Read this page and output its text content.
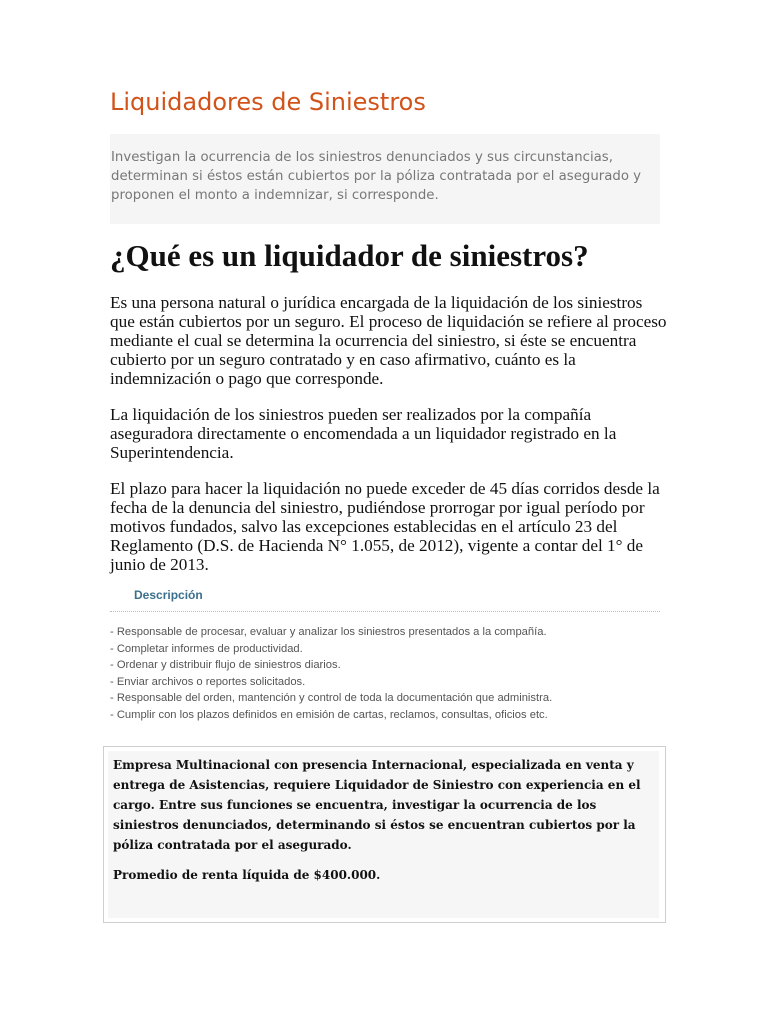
Liquidadores de Siniestros
Investigan la ocurrencia de los siniestros denunciados y sus circunstancias, determinan si éstos están cubiertos por la póliza contratada por el asegurado y proponen el monto a indemnizar, si corresponde.
¿Qué es un liquidador de siniestros?

Es una persona natural o jurídica encargada de la liquidación de los siniestros que están cubiertos por un seguro. El proceso de liquidación se refiere al proceso mediante el cual se determina la ocurrencia del siniestro, si éste se encuentra cubierto por un seguro contratado y en caso afirmativo, cuánto es la indemnización o pago que corresponde.

La liquidación de los siniestros pueden ser realizados por la compañía aseguradora directamente o encomendada a un liquidador registrado en la Superintendencia.

El plazo para hacer la liquidación no puede exceder de 45 días corridos desde la fecha de la denuncia del siniestro, pudiéndose prorrogar por igual período por motivos fundados, salvo las excepciones establecidas en el artículo 23 del Reglamento (D.S. de Hacienda N° 1.055, de 2012), vigente a contar del 1° de junio de 2013.

Descripción
- Responsable de procesar, evaluar y analizar los siniestros presentados a la compañía.
- Completar informes de productividad.
- Ordenar y distribuir flujo de siniestros diarios.
- Enviar archivos o reportes solicitados.
- Responsable del orden, mantención y control de toda la documentación que administra.
- Cumplir con los plazos definidos en emisión de cartas, reclamos, consultas, oficios etc.

Empresa Multinacional con presencia Internacional, especializada en venta y entrega de Asistencias, requiere Liquidador de Siniestro con experiencia en el cargo. Entre sus funciones se encuentra, investigar la ocurrencia de los siniestros denunciados, determinando si éstos se encuentran cubiertos por la póliza contratada por el asegurado.

Promedio de renta líquida de $400.000.
